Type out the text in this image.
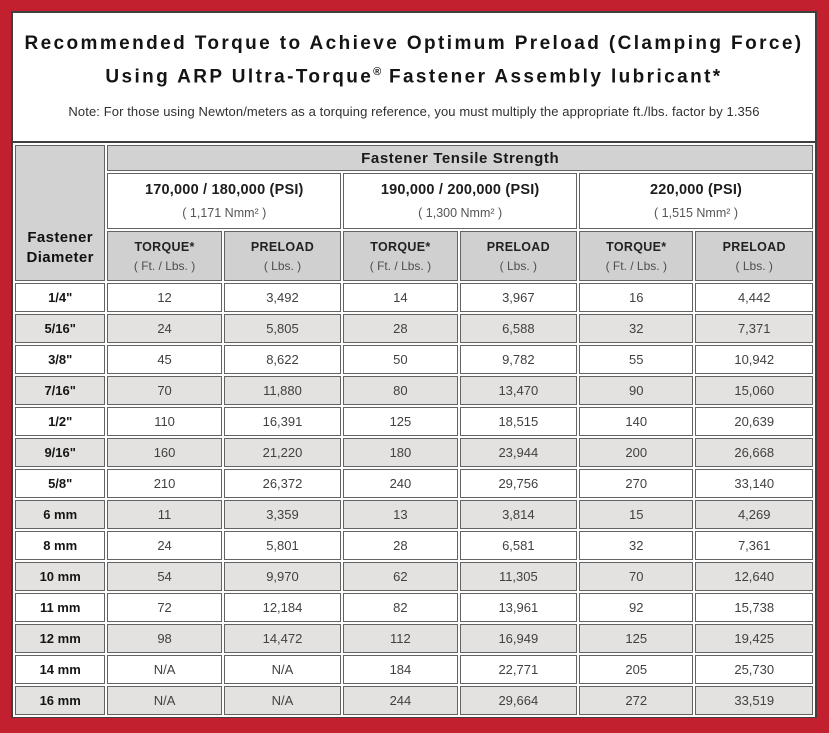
Recommended Torque to Achieve Optimum Preload (Clamping Force)
Using ARP Ultra-Torque® Fastener Assembly lubricant*
Note: For those using Newton/meters as a torquing reference, you must multiply the appropriate ft./lbs. factor by 1.356
Fastener
Diameter	Fastener Tensile Strength					

170,000 / 180,000 (PSI)
( 1,171 Nmm² )

190,000 / 200,000 (PSI)
( 1,300 Nmm² )

220,000 (PSI)
( 1,515 Nmm² )

TORQUE*
( Ft. / Lbs. )

PRELOAD
( Lbs. )

TORQUE*
( Ft. / Lbs. )

PRELOAD
( Lbs. )

TORQUE*
( Ft. / Lbs. )

PRELOAD
( Lbs. )

1/4"	12	3,492	14	3,967	16	4,442
5/16"	24	5,805	28	6,588	32	7,371
3/8"	45	8,622	50	9,782	55	10,942
7/16"	70	11,880	80	13,470	90	15,060
1/2"	110	16,391	125	18,515	140	20,639
9/16"	160	21,220	180	23,944	200	26,668
5/8"	210	26,372	240	29,756	270	33,140
6 mm	11	3,359	13	3,814	15	4,269
8 mm	24	5,801	28	6,581	32	7,361
10 mm	54	9,970	62	11,305	70	12,640
11 mm	72	12,184	82	13,961	92	15,738
12 mm	98	14,472	112	16,949	125	19,425
14 mm	N/A	N/A	184	22,771	205	25,730
16 mm	N/A	N/A	244	29,664	272	33,519
